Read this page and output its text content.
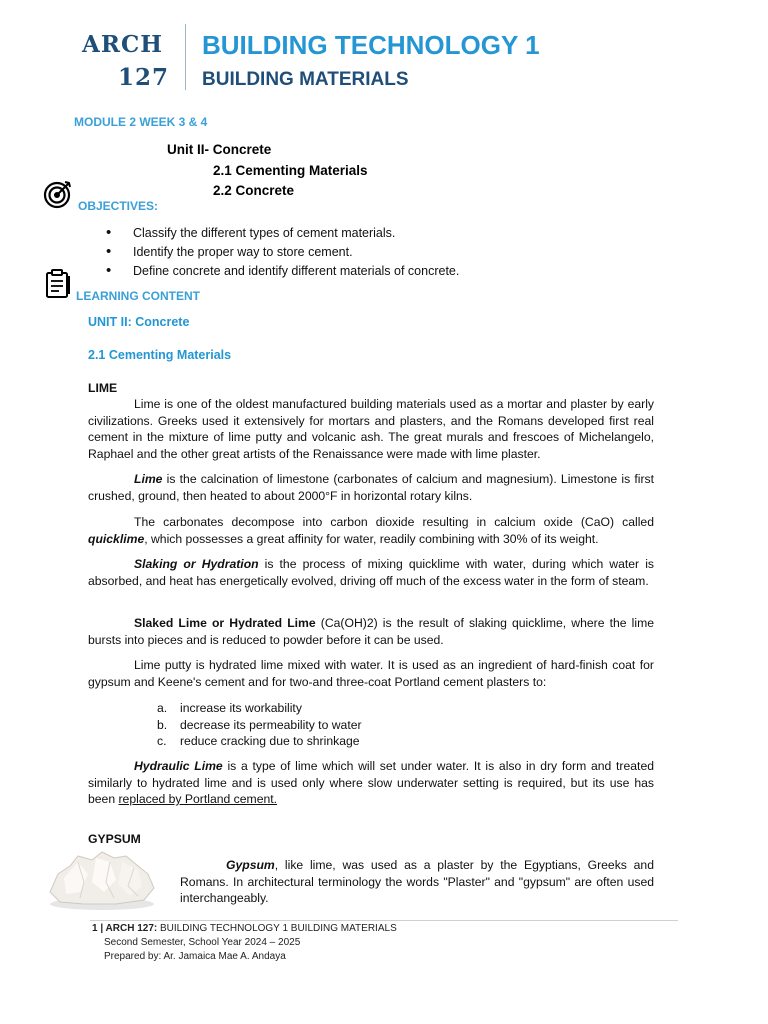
ARCH
127
BUILDING TECHNOLOGY 1
BUILDING MATERIALS
MODULE 2 WEEK 3 & 4
Unit II- Concrete
2.1 Cementing Materials
2.2 Concrete
OBJECTIVES:
• Classify the different types of cement materials.
• Identify the proper way to store cement.
• Define concrete and identify different materials of concrete.
LEARNING CONTENT
UNIT II: Concrete
2.1 Cementing Materials
LIME

Lime is one of the oldest manufactured building materials used as a mortar and plaster by early civilizations. Greeks used it extensively for mortars and plasters, and the Romans developed first real cement in the mixture of lime putty and volcanic ash. The great murals and frescoes of Michelangelo, Raphael and the other great artists of the Renaissance were made with lime plaster.

Lime is the calcination of limestone (carbonates of calcium and magnesium). Limestone is first crushed, ground, then heated to about 2000°F in horizontal rotary kilns.

The carbonates decompose into carbon dioxide resulting in calcium oxide (CaO) called quicklime, which possesses a great affinity for water, readily combining with 30% of its weight.

Slaking or Hydration is the process of mixing quicklime with water, during which water is absorbed, and heat has energetically evolved, driving off much of the excess water in the form of steam.

Slaked Lime or Hydrated Lime (Ca(OH)2) is the result of slaking quicklime, where the lime bursts into pieces and is reduced to powder before it can be used.

Lime putty is hydrated lime mixed with water. It is used as an ingredient of hard-finish coat for gypsum and Keene's cement and for two-and three-coat Portland cement plasters to:

a. increase its workability
b. decrease its permeability to water
c. reduce cracking due to shrinkage

Hydraulic Lime is a type of lime which will set under water. It is also in dry form and treated similarly to hydrated lime and is used only where slow underwater setting is required, but its use has been replaced by Portland cement.

GYPSUM

Gypsum, like lime, was used as a plaster by the Egyptians, Greeks and Romans. In architectural terminology the words "Plaster" and "gypsum" are often used interchangeably.

1 | ARCH 127: BUILDING TECHNOLOGY 1 BUILDING MATERIALS
Second Semester, School Year 2024 – 2025
Prepared by: Ar. Jamaica Mae A. Andaya
